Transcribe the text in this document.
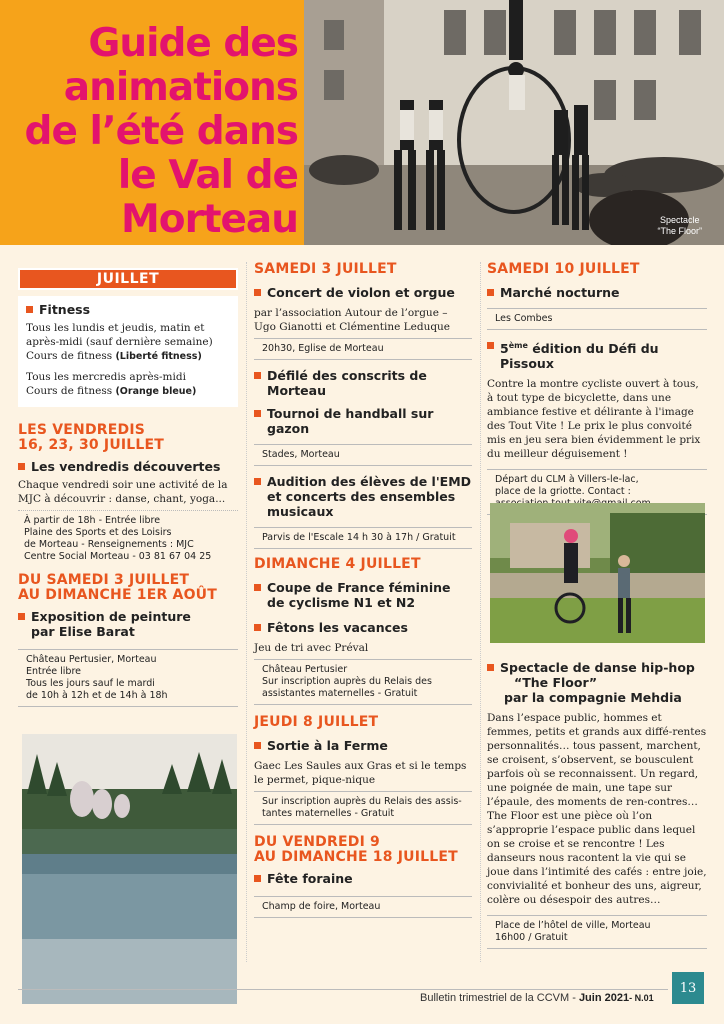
Guide des
animations
de l’été dans
le Val de
Morteau	Spectacle
“The Floor”
JUILLET
Fitness
Tous les lundis et jeudis, matin et après-midi (sauf dernière semaine)
Cours de fitness (Liberté fitness)
Tous les mercredis après-midi
Cours de fitness (Orange bleue)
LES VENDREDIS
16, 23, 30 JUILLET
Les vendredis découvertes
Chaque vendredi soir une activité de la MJC à découvrir : danse, chant, yoga...
À partir de 18h - Entrée libre
Plaine des Sports et des Loisirs
de Morteau - Renseignements : MJC
Centre Social Morteau - 03 81 67 04 25
DU SAMEDI 3 JUILLET
AU DIMANCHE 1ER AOÛT
Exposition de peinture
par Elise Barat
Château Pertusier, Morteau
Entrée libre
Tous les jours sauf le mardi
de 10h à 12h et de 14h à 18h
SAMEDI 3 JUILLET
Concert de violon et orgue
par l’association Autour de l’orgue – Ugo Gianotti et Clémentine Leduque
20h30, Eglise de Morteau
Défilé des conscrits de Morteau
Tournoi de handball sur gazon
Stades, Morteau
Audition des élèves de l'EMD
et concerts des ensembles
musicaux
Parvis de l'Escale 14 h 30 à 17h / Gratuit
DIMANCHE 4 JUILLET
Coupe de France féminine
de cyclisme N1 et N2
Fêtons les vacances
Jeu de tri avec Préval
Château Pertusier
Sur inscription auprès du Relais des
assistantes maternelles - Gratuit
JEUDI 8 JUILLET
Sortie à la Ferme
Gaec Les Saules aux Gras et si le temps le permet, pique-nique
Sur inscription auprès du Relais des assis-
tantes maternelles - Gratuit
DU VENDREDI 9
AU DIMANCHE 18 JUILLET
Fête foraine
Champ de foire, Morteau
SAMEDI 10 JUILLET
Marché nocturne
Les Combes
5ème édition du Défi du Pissoux
Contre la montre cycliste ouvert à tous, à tout type de bicyclette, dans une ambiance festive et délirante à l'image des Tout Vite ! Le prix le plus convoité mis en jeu sera bien évidemment le prix du meilleur déguisement !
Départ du CLM à Villers-le-lac,
place de la griotte. Contact :
Spectacle de danse hip-hop
“The Floor”
par la compagnie Mehdia
Dans l’espace public, hommes et femmes, petits et grands aux diffé-rentes personnalités… tous passent, marchent, se croisent, s’observent, se bousculent parfois où se reconnaissent. Un regard, une poignée de main, une tape sur l’épaule, des moments de ren-contres… The Floor est une pièce où l’on s’approprie l’espace public dans lequel on se croise et se rencontre ! Les danseurs nous racontent la vie qui se joue dans l’intimité des cafés : entre joie, convivialité et bonheur des uns, aigreur, colère ou désespoir des autres…
Place de l’hôtel de ville, Morteau
16h00 / Gratuit
Bulletin trimestriel de la CCVM - Juin 2021- N.01
13
